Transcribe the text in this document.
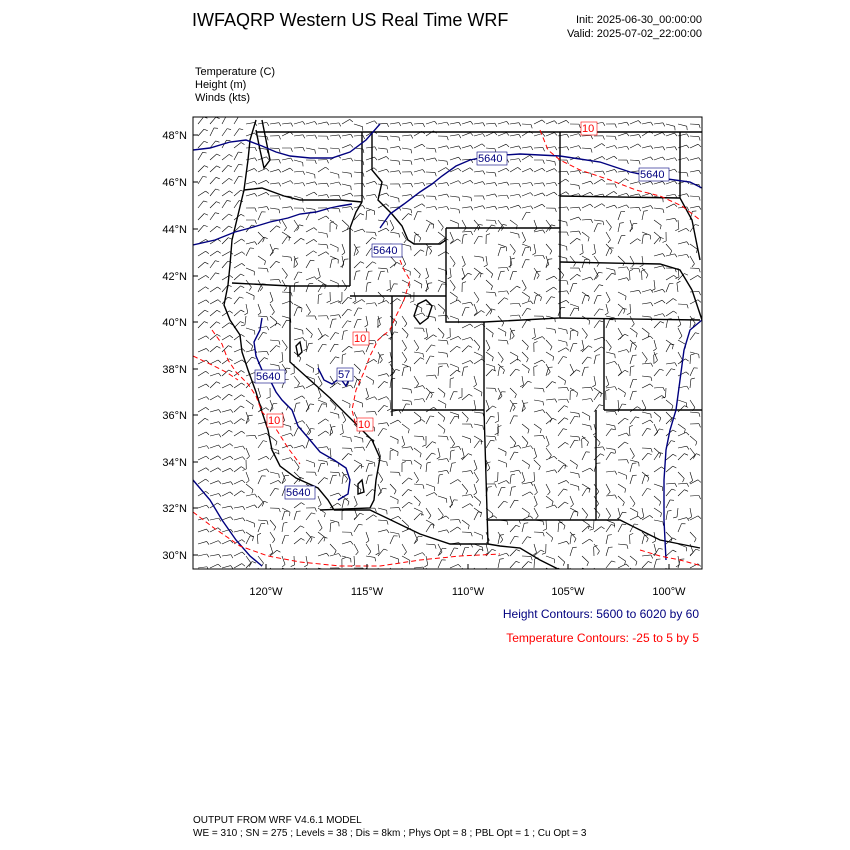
IWFAQRP Western US Real Time WRF	Init: 2025-06-30_00:00:00
Valid: 2025-07-02_22:00:00
Temperature (C)
Height (m)
Winds (kts)
5640
5640
5640
5640
5640
57
10
10
10	10
48°N
46°N
44°N
42°N
40°N
38°N
36°N
34°N
32°N
30°N
120°W	115°W	110°W	105°W	100°W
Height Contours: 5600 to 6020 by 60
Temperature Contours: -25 to 5 by 5
OUTPUT FROM WRF V4.6.1 MODEL
WE = 310 ; SN = 275 ; Levels = 38 ; Dis = 8km ; Phys Opt = 8 ; PBL Opt = 1 ; Cu Opt = 3
